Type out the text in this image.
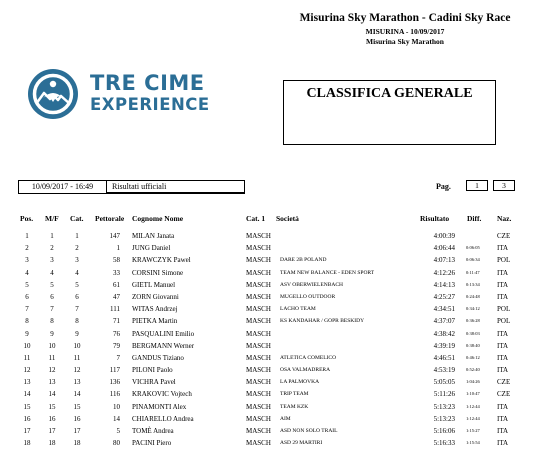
Misurina Sky Marathon - Cadini Sky Race
MISURINA - 10/09/2017
Misurina Sky Marathon
TRE CIME
EXPERIENCE
CLASSIFICA GENERALE
10/09/2017 - 16:49	Risultati ufficiali	Pag.	1	3
Pos. M/F Cat. Pettorale Cognome Nome	Cat. 1 Società	Risultato Diff. Naz.
1	1	1	147 MILAN Janata	MASCH	4:00:39	CZE
2	2	2	1 JUNG Daniel	MASCH	4:06:44 0:06:05	ITA
3	3	3	58 KRAWCZYK Pawel	MASCH	DARE 2B POLAND	4:07:13 0:06:34	POL
4	4	4	33 CORSINI Simone	MASCH	TEAM NEW BALANCE - EDEN SPORT	4:12:26 0:11:47	ITA
5	5	5	61 GIETL Manuel	MASCH	ASV OBERWIELENBACH	4:14:13 0:13:34	ITA
6	6	6	47 ZORN Giovanni	MASCH	MUGELLO OUTDOOR	4:25:27 0:24:48	ITA
7	7	7	111 WITAS Andrzej	MASCH	LACHO TEAM	4:34:51 0:34:12	POL
8	8	8	71 PIETKA Martin	MASCH	KS KANDAHAR / GOPR BESKIDY	4:37:07 0:36:28	POL
9	9	9	76 PASQUALINI Emilio	MASCH	4:38:42 0:38:03	ITA
10	10	10	79 BERGMANN Werner	MASCH	4:39:19 0:38:40	ITA
11	11	11	7 GANDUS Tiziano	MASCH	ATLETICA COMELICO	4:46:51 0:46:12	ITA
12	12	12	117 PILONI Paolo	MASCH	OSA VALMADRERA	4:53:19 0:52:40	ITA
13	13	13	136 VICHRA Pavel	MASCH	LA PALMOVKA	5:05:05 1:04:26	CZE
14	14	14	116 KRAKOVIC Vojtech	MASCH	TRIP TEAM	5:11:26 1:10:47	CZE
15	15	15	10 PINAMONTI Alex	MASCH	TEAM KZK	5:13:23 1:12:44	ITA
16	16	16	14 CHIARELLO Andrea	MASCH	AIM	5:13:23 1:12:44	ITA
17	17	17	5 TOMÈ Andrea	MASCH	ASD NON SOLO TRAIL	5:16:06 1:15:27	ITA
18	18	18	80 PACINI Piero	MASCH	ASD 29 MARTIRI	5:16:33 1:15:54	ITA
